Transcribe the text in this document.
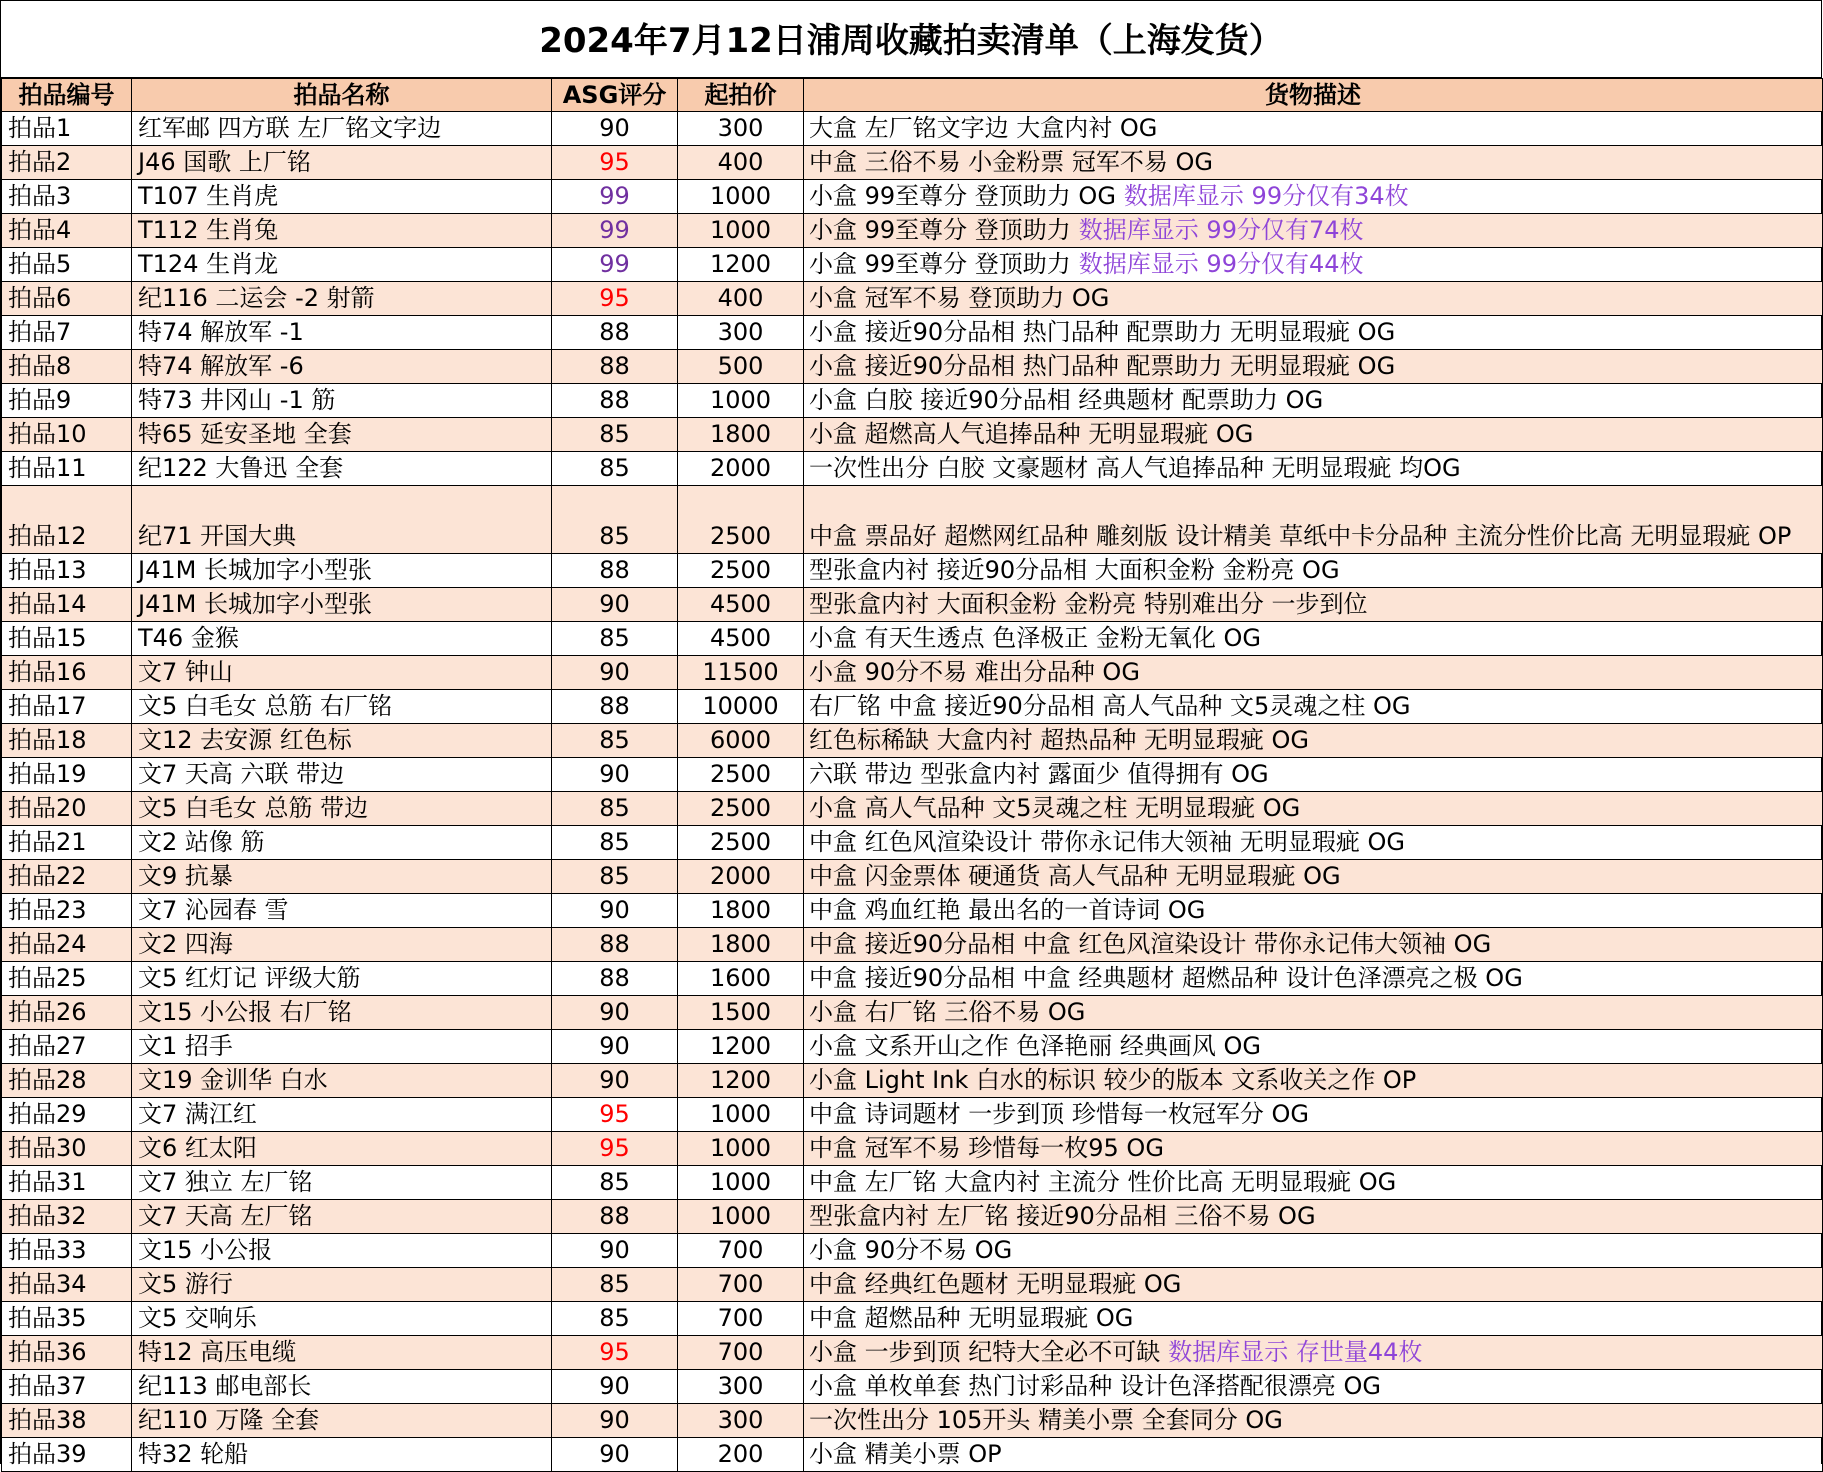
2024年7月12日浦周收藏拍卖清单（上海发货）
拍品编号	拍品名称	ASG评分	起拍价	货物描述
拍品1	红军邮 四方联 左厂铭文字边	90	300	大盒 左厂铭文字边 大盒内衬 OG
拍品2	J46 国歌 上厂铭	95	400	中盒 三俗不易 小金粉票 冠军不易 OG
拍品3	T107 生肖虎	99	1000	小盒 99至尊分 登顶助力 OG 数据库显示 99分仅有34枚
拍品4	T112 生肖兔	99	1000	小盒 99至尊分 登顶助力 数据库显示 99分仅有74枚
拍品5	T124 生肖龙	99	1200	小盒 99至尊分 登顶助力 数据库显示 99分仅有44枚
拍品6	纪116 二运会 -2 射箭	95	400	小盒 冠军不易 登顶助力 OG
拍品7	特74 解放军 -1	88	300	小盒 接近90分品相 热门品种 配票助力 无明显瑕疵 OG
拍品8	特74 解放军 -6	88	500	小盒 接近90分品相 热门品种 配票助力 无明显瑕疵 OG
拍品9	特73 井冈山 -1 筋	88	1000	小盒 白胶 接近90分品相 经典题材 配票助力 OG
拍品10	特65 延安圣地 全套	85	1800	小盒 超燃高人气追捧品种 无明显瑕疵 OG
拍品11	纪122 大鲁迅 全套	85	2000	一次性出分 白胶 文豪题材 高人气追捧品种 无明显瑕疵 均OG
拍品12	纪71 开国大典	85	2500	中盒 票品好 超燃网红品种 雕刻版 设计精美 草纸中卡分品种 主流分性价比高 无明显瑕疵 OP
拍品13	J41M 长城加字小型张	88	2500	型张盒内衬 接近90分品相 大面积金粉 金粉亮 OG
拍品14	J41M 长城加字小型张	90	4500	型张盒内衬 大面积金粉 金粉亮 特别难出分 一步到位
拍品15	T46 金猴	85	4500	小盒 有天生透点 色泽极正 金粉无氧化 OG
拍品16	文7 钟山	90	11500	小盒 90分不易 难出分品种 OG
拍品17	文5 白毛女 总筋 右厂铭	88	10000	右厂铭 中盒 接近90分品相 高人气品种 文5灵魂之柱 OG
拍品18	文12 去安源 红色标	85	6000	红色标稀缺 大盒内衬 超热品种 无明显瑕疵 OG
拍品19	文7 天高 六联 带边	90	2500	六联 带边 型张盒内衬 露面少 值得拥有 OG
拍品20	文5 白毛女 总筋 带边	85	2500	小盒 高人气品种 文5灵魂之柱 无明显瑕疵 OG
拍品21	文2 站像 筋	85	2500	中盒 红色风渲染设计 带你永记伟大领袖 无明显瑕疵 OG
拍品22	文9 抗暴	85	2000	中盒 闪金票体 硬通货 高人气品种 无明显瑕疵 OG
拍品23	文7 沁园春 雪	90	1800	中盒 鸡血红艳 最出名的一首诗词 OG
拍品24	文2 四海	88	1800	中盒 接近90分品相 中盒 红色风渲染设计 带你永记伟大领袖 OG
拍品25	文5 红灯记 评级大筋	88	1600	中盒 接近90分品相 中盒 经典题材 超燃品种 设计色泽漂亮之极 OG
拍品26	文15 小公报 右厂铭	90	1500	小盒 右厂铭 三俗不易 OG
拍品27	文1 招手	90	1200	小盒 文系开山之作 色泽艳丽 经典画风 OG
拍品28	文19 金训华 白水	90	1200	小盒 Light Ink 白水的标识 较少的版本 文系收关之作 OP
拍品29	文7 满江红	95	1000	中盒 诗词题材 一步到顶 珍惜每一枚冠军分 OG
拍品30	文6 红太阳	95	1000	中盒 冠军不易 珍惜每一枚95 OG
拍品31	文7 独立 左厂铭	85	1000	中盒 左厂铭 大盒内衬 主流分 性价比高 无明显瑕疵 OG
拍品32	文7 天高 左厂铭	88	1000	型张盒内衬 左厂铭 接近90分品相 三俗不易 OG
拍品33	文15 小公报	90	700	小盒 90分不易 OG
拍品34	文5 游行	85	700	中盒 经典红色题材 无明显瑕疵 OG
拍品35	文5 交响乐	85	700	中盒 超燃品种 无明显瑕疵 OG
拍品36	特12 高压电缆	95	700	小盒 一步到顶 纪特大全必不可缺 数据库显示 存世量44枚
拍品37	纪113 邮电部长	90	300	小盒 单枚单套 热门讨彩品种 设计色泽搭配很漂亮 OG
拍品38	纪110 万隆 全套	90	300	一次性出分 105开头 精美小票 全套同分 OG
拍品39	特32 轮船	90	200	小盒 精美小票 OP
